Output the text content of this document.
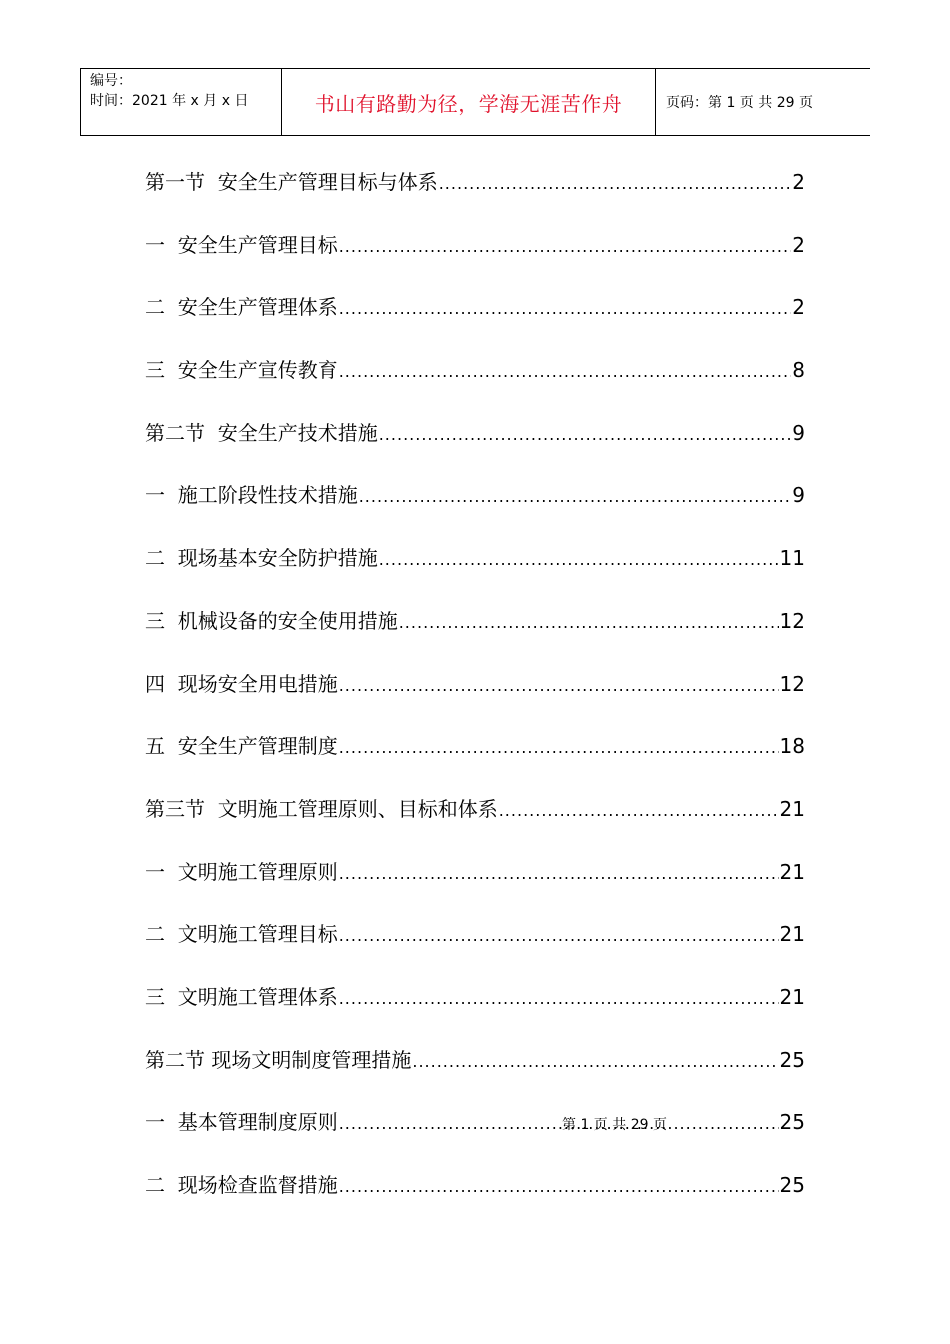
编号：
时间：2021 年 x 月 x 日	书山有路勤为径，学海无涯苦作舟	页码：第 1 页 共 29 页
第一节  安全生产管理目标与体系 .....	2
一  安全生产管理目标 .....	2
二  安全生产管理体系 .....	2
三  安全生产宣传教育 .....	8
第二节  安全生产技术措施 .....	9
一  施工阶段性技术措施 .....	9
二  现场基本安全防护措施 .....	11
三  机械设备的安全使用措施 .....	12
四  现场安全用电措施 .....	12
五  安全生产管理制度 .....	18
第三节  文明施工管理原则、目标和体系 .....	21
一  文明施工管理原则 .....	21
二  文明施工管理目标 .....	21
三  文明施工管理体系 .....	21
第二节 现场文明制度管理措施 .....	25
一  基本管理制度原则 .....	25
二  现场检查监督措施 .....	25
第 1 页 共 29 页
